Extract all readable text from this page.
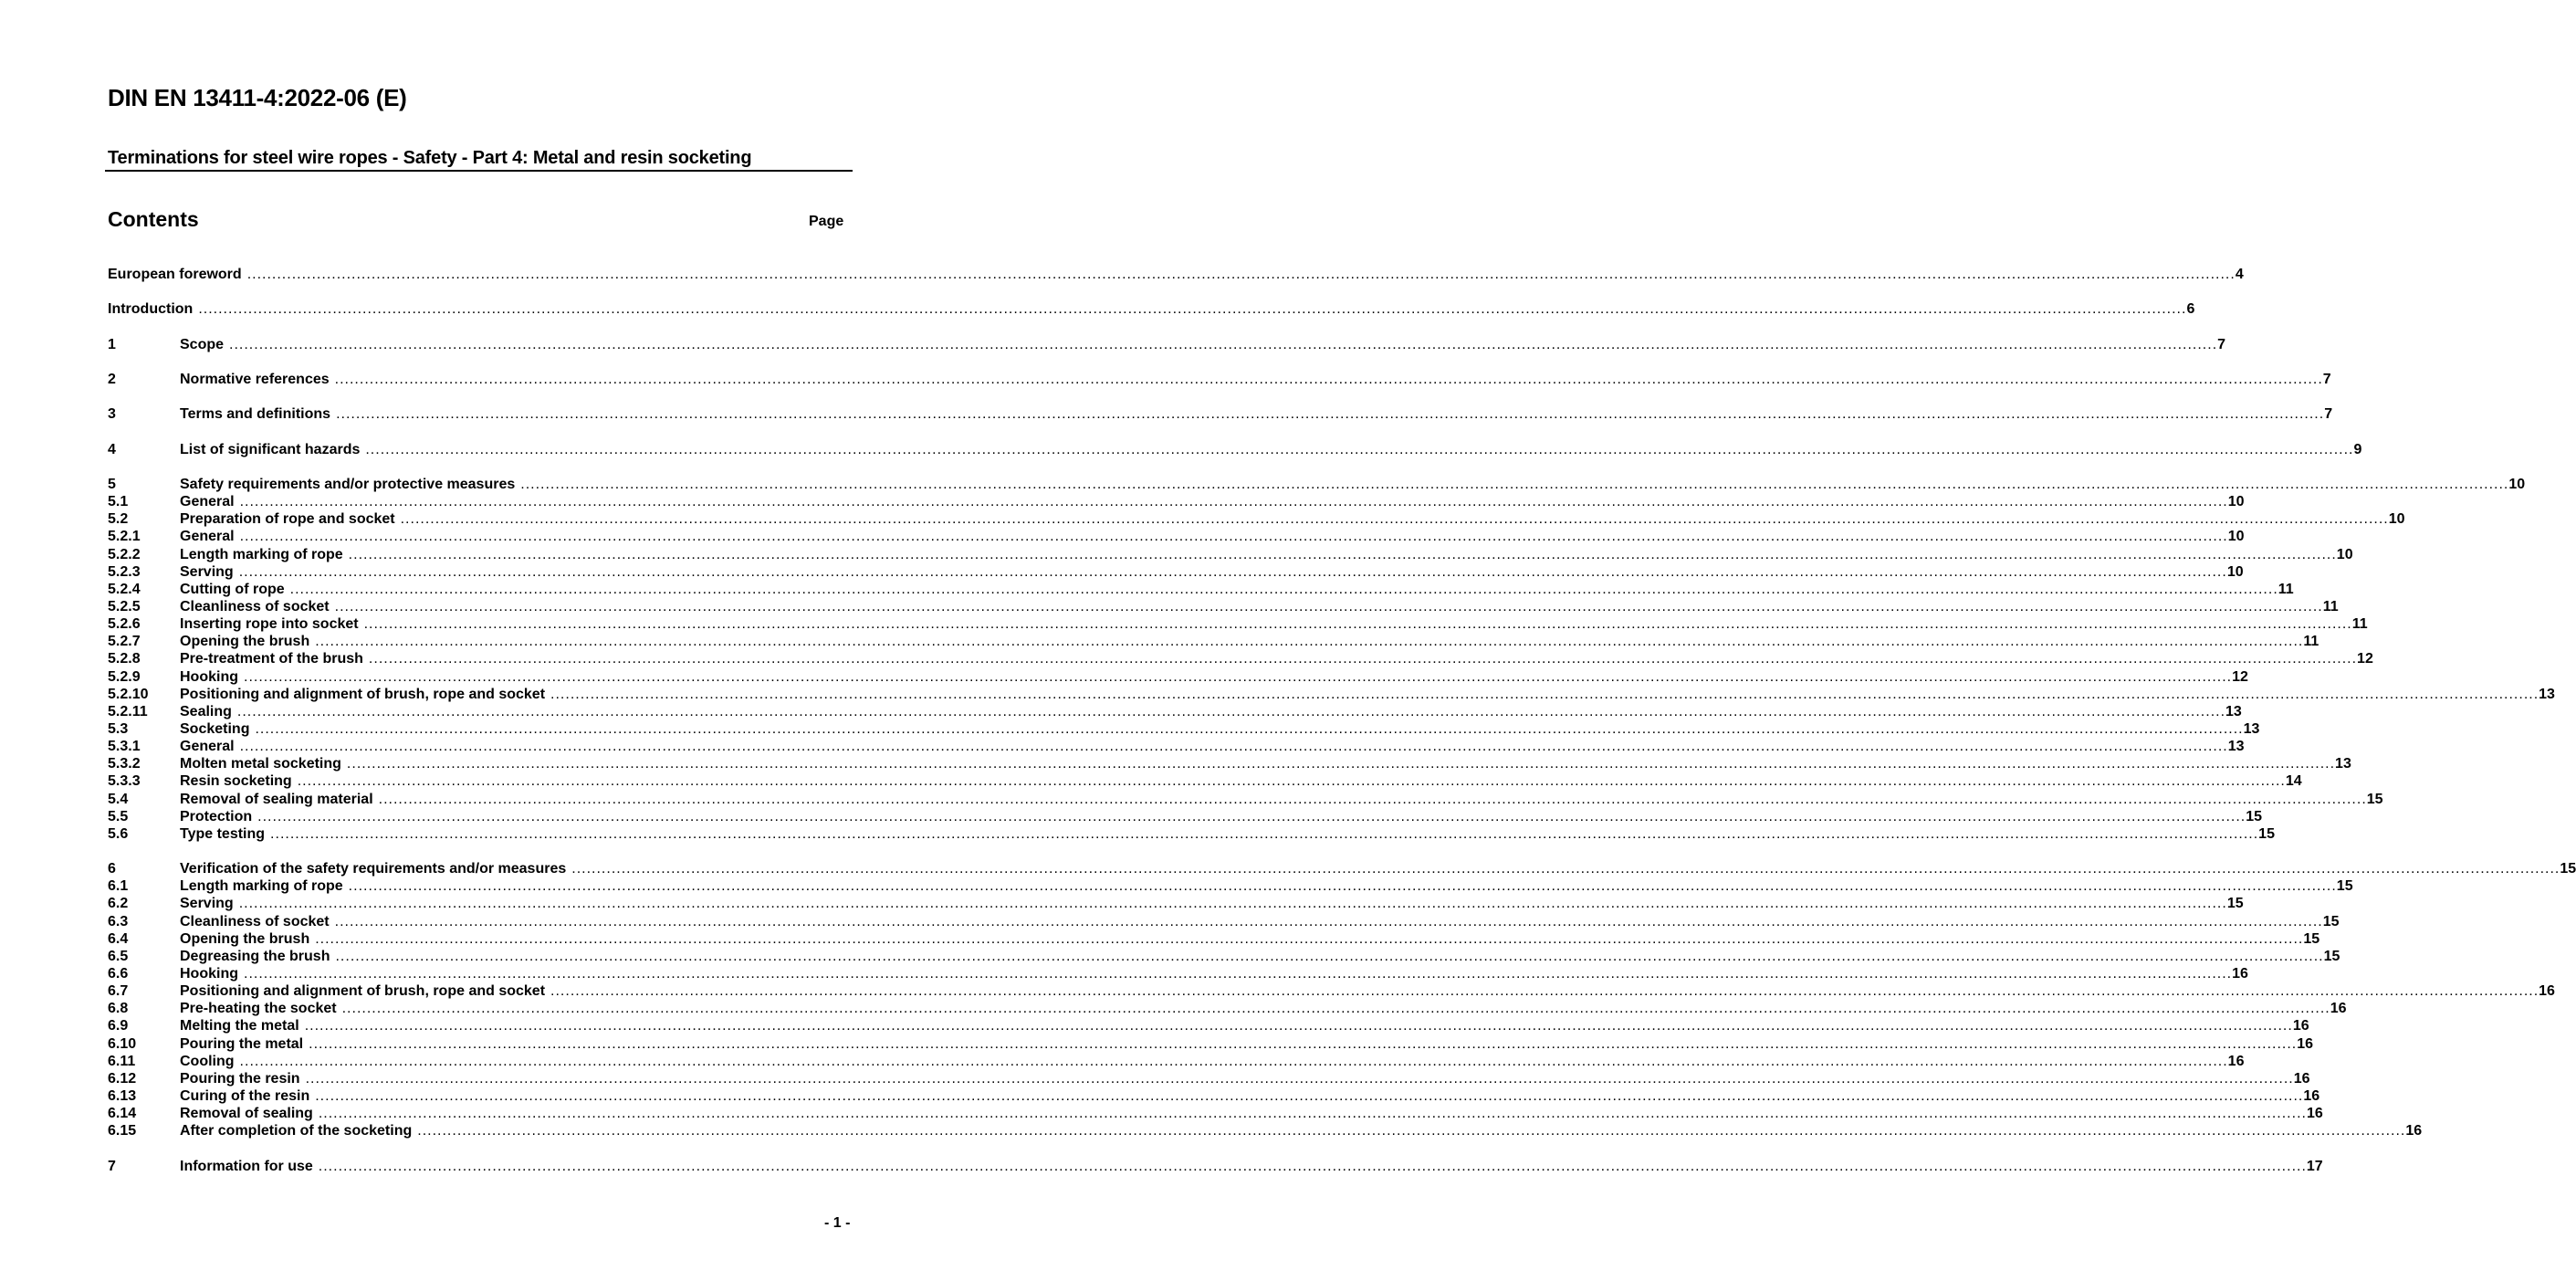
DIN EN 13411-4:2022-06 (E)
Terminations for steel wire ropes - Safety - Part 4: Metal and resin socketing
Contents	Page
European foreword ................................................................................................................................................................................................................................................................................................................................................................................................................ 4
Introduction ................................................................................................................................................................................................................................................................................................................................................................................................................ 6
1	Scope ................................................................................................................................................................................................................................................................................................................................................................................................................ 7
2	Normative references ................................................................................................................................................................................................................................................................................................................................................................................................................ 7
3	Terms and definitions ................................................................................................................................................................................................................................................................................................................................................................................................................ 7
4	List of significant hazards ................................................................................................................................................................................................................................................................................................................................................................................................................ 9
5	Safety requirements and/or protective measures ................................................................................................................................................................................................................................................................................................................................................................................................................ 10
5.1	General ................................................................................................................................................................................................................................................................................................................................................................................................................ 10
5.2	Preparation of rope and socket ................................................................................................................................................................................................................................................................................................................................................................................................................ 10
5.2.1	General ................................................................................................................................................................................................................................................................................................................................................................................................................ 10
5.2.2	Length marking of rope ................................................................................................................................................................................................................................................................................................................................................................................................................ 10
5.2.3	Serving ................................................................................................................................................................................................................................................................................................................................................................................................................ 10
5.2.4	Cutting of rope ................................................................................................................................................................................................................................................................................................................................................................................................................ 11
5.2.5	Cleanliness of socket ................................................................................................................................................................................................................................................................................................................................................................................................................ 11
5.2.6	Inserting rope into socket ................................................................................................................................................................................................................................................................................................................................................................................................................ 11
5.2.7	Opening the brush ................................................................................................................................................................................................................................................................................................................................................................................................................ 11
5.2.8	Pre-treatment of the brush ................................................................................................................................................................................................................................................................................................................................................................................................................ 12
5.2.9	Hooking ................................................................................................................................................................................................................................................................................................................................................................................................................ 12
5.2.10	Positioning and alignment of brush, rope and socket ................................................................................................................................................................................................................................................................................................................................................................................................................ 13
5.2.11	Sealing ................................................................................................................................................................................................................................................................................................................................................................................................................ 13
5.3	Socketing ................................................................................................................................................................................................................................................................................................................................................................................................................ 13
5.3.1	General ................................................................................................................................................................................................................................................................................................................................................................................................................ 13
5.3.2	Molten metal socketing ................................................................................................................................................................................................................................................................................................................................................................................................................ 13
5.3.3	Resin socketing ................................................................................................................................................................................................................................................................................................................................................................................................................ 14
5.4	Removal of sealing material ................................................................................................................................................................................................................................................................................................................................................................................................................ 15
5.5	Protection ................................................................................................................................................................................................................................................................................................................................................................................................................ 15
5.6	Type testing ................................................................................................................................................................................................................................................................................................................................................................................................................ 15
6	Verification of the safety requirements and/or measures ................................................................................................................................................................................................................................................................................................................................................................................................................ 15
6.1	Length marking of rope ................................................................................................................................................................................................................................................................................................................................................................................................................ 15
6.2	Serving ................................................................................................................................................................................................................................................................................................................................................................................................................ 15
6.3	Cleanliness of socket ................................................................................................................................................................................................................................................................................................................................................................................................................ 15
6.4	Opening the brush ................................................................................................................................................................................................................................................................................................................................................................................................................ 15
6.5	Degreasing the brush ................................................................................................................................................................................................................................................................................................................................................................................................................ 15
6.6	Hooking ................................................................................................................................................................................................................................................................................................................................................................................................................ 16
6.7	Positioning and alignment of brush, rope and socket ................................................................................................................................................................................................................................................................................................................................................................................................................ 16
6.8	Pre-heating the socket ................................................................................................................................................................................................................................................................................................................................................................................................................ 16
6.9	Melting the metal ................................................................................................................................................................................................................................................................................................................................................................................................................ 16
6.10	Pouring the metal ................................................................................................................................................................................................................................................................................................................................................................................................................ 16
6.11	Cooling ................................................................................................................................................................................................................................................................................................................................................................................................................ 16
6.12	Pouring the resin ................................................................................................................................................................................................................................................................................................................................................................................................................ 16
6.13	Curing of the resin ................................................................................................................................................................................................................................................................................................................................................................................................................ 16
6.14	Removal of sealing ................................................................................................................................................................................................................................................................................................................................................................................................................ 16
6.15	After completion of the socketing ................................................................................................................................................................................................................................................................................................................................................................................................................ 16
7	Information for use ................................................................................................................................................................................................................................................................................................................................................................................................................ 17
- 1 -
